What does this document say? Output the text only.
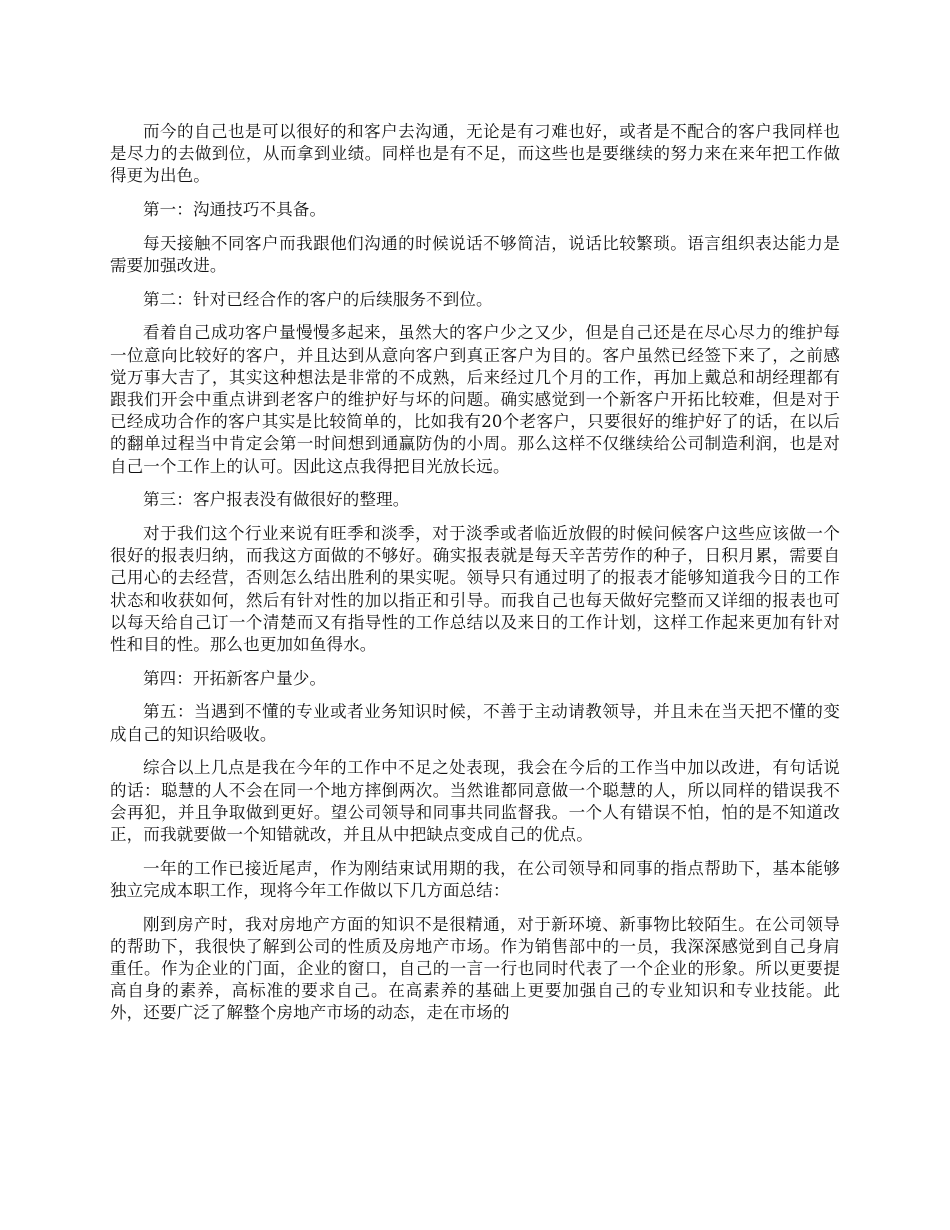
而今的自己也是可以很好的和客户去沟通，无论是有刁难也好，或者是不配合的客户我同样也是尽力的去做到位，从而拿到业绩。同样也是有不足，而这些也是要继续的努力来在来年把工作做得更为出色。

第一：沟通技巧不具备。

每天接触不同客户而我跟他们沟通的时候说话不够简洁，说话比较繁琐。语言组织表达能力是需要加强改进。

第二：针对已经合作的客户的后续服务不到位。

看着自己成功客户量慢慢多起来，虽然大的客户少之又少，但是自己还是在尽心尽力的维护每一位意向比较好的客户，并且达到从意向客户到真正客户为目的。客户虽然已经签下来了，之前感觉万事大吉了，其实这种想法是非常的不成熟，后来经过几个月的工作，再加上戴总和胡经理都有跟我们开会中重点讲到老客户的维护好与坏的问题。确实感觉到一个新客户开拓比较难，但是对于已经成功合作的客户其实是比较简单的，比如我有20个老客户，只要很好的维护好了的话，在以后的翻单过程当中肯定会第一时间想到通赢防伪的小周。那么这样不仅继续给公司制造利润，也是对自己一个工作上的认可。因此这点我得把目光放长远。

第三：客户报表没有做很好的整理。

对于我们这个行业来说有旺季和淡季，对于淡季或者临近放假的时候问候客户这些应该做一个很好的报表归纳，而我这方面做的不够好。确实报表就是每天辛苦劳作的种子，日积月累，需要自己用心的去经营，否则怎么结出胜利的果实呢。领导只有通过明了的报表才能够知道我今日的工作状态和收获如何，然后有针对性的加以指正和引导。而我自己也每天做好完整而又详细的报表也可以每天给自己订一个清楚而又有指导性的工作总结以及来日的工作计划，这样工作起来更加有针对性和目的性。那么也更加如鱼得水。

第四：开拓新客户量少。

第五：当遇到不懂的专业或者业务知识时候，不善于主动请教领导，并且未在当天把不懂的变成自己的知识给吸收。

综合以上几点是我在今年的工作中不足之处表现，我会在今后的工作当中加以改进，有句话说的话：聪慧的人不会在同一个地方摔倒两次。当然谁都同意做一个聪慧的人，所以同样的错误我不会再犯，并且争取做到更好。望公司领导和同事共同监督我。一个人有错误不怕，怕的是不知道改正，而我就要做一个知错就改，并且从中把缺点变成自己的优点。

一年的工作已接近尾声，作为刚结束试用期的我，在公司领导和同事的指点帮助下，基本能够独立完成本职工作，现将今年工作做以下几方面总结：

刚到房产时，我对房地产方面的知识不是很精通，对于新环境、新事物比较陌生。在公司领导的帮助下，我很快了解到公司的性质及房地产市场。作为销售部中的一员，我深深感觉到自己身肩重任。作为企业的门面，企业的窗口，自己的一言一行也同时代表了一个企业的形象。所以更要提高自身的素养，高标准的要求自己。在高素养的基础上更要加强自己的专业知识和专业技能。此外，还要广泛了解整个房地产市场的动态，走在市场的
